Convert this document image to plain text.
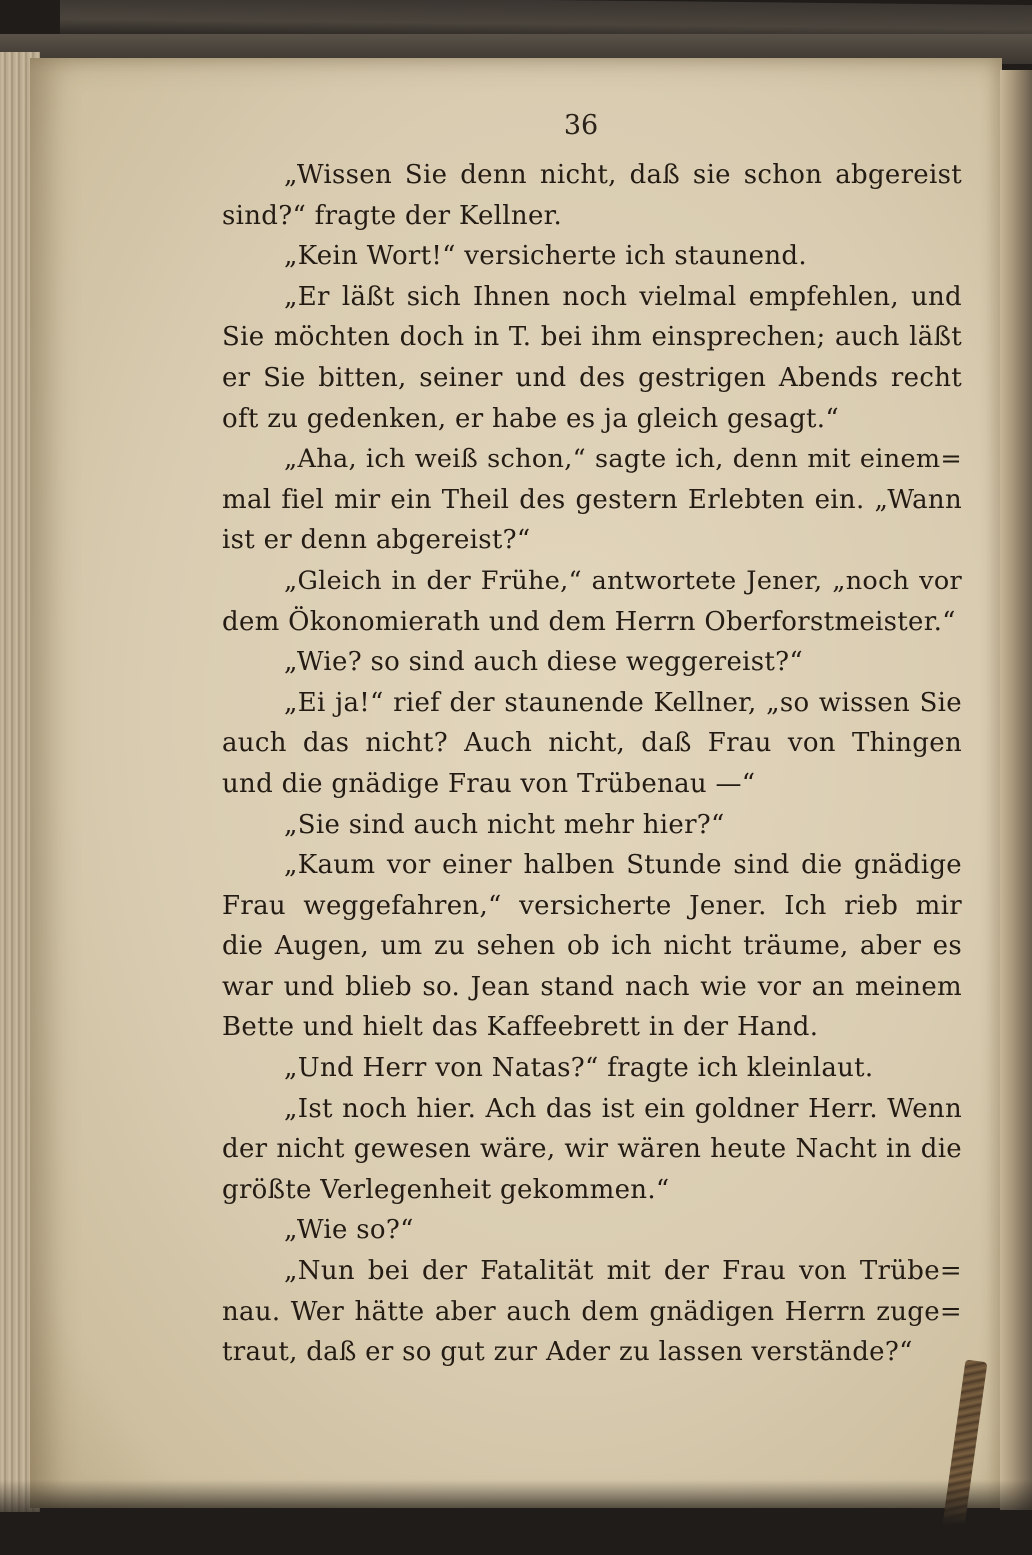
36
„Wissen Sie denn nicht, daß sie schon abgereist
sind?“ fragte der Kellner.
„Kein Wort!“ versicherte ich staunend.
„Er läßt sich Ihnen noch vielmal empfehlen, und
Sie möchten doch in T. bei ihm einsprechen; auch läßt
er Sie bitten, seiner und des gestrigen Abends recht
oft zu gedenken, er habe es ja gleich gesagt.“
„Aha, ich weiß schon,“ sagte ich, denn mit einem=
mal fiel mir ein Theil des gestern Erlebten ein. „Wann
ist er denn abgereist?“
„Gleich in der Frühe,“ antwortete Jener, „noch vor
dem Ökonomierath und dem Herrn Oberforstmeister.“
„Wie? so sind auch diese weggereist?“
„Ei ja!“ rief der staunende Kellner, „so wissen Sie
auch das nicht? Auch nicht, daß Frau von Thingen
und die gnädige Frau von Trübenau —“
„Sie sind auch nicht mehr hier?“
„Kaum vor einer halben Stunde sind die gnädige
Frau weggefahren,“ versicherte Jener. Ich rieb mir
die Augen, um zu sehen ob ich nicht träume, aber es
war und blieb so. Jean stand nach wie vor an meinem
Bette und hielt das Kaffeebrett in der Hand.
„Und Herr von Natas?“ fragte ich kleinlaut.
„Ist noch hier. Ach das ist ein goldner Herr. Wenn
der nicht gewesen wäre, wir wären heute Nacht in die
größte Verlegenheit gekommen.“
„Wie so?“
„Nun bei der Fatalität mit der Frau von Trübe=
nau. Wer hätte aber auch dem gnädigen Herrn zuge=
traut, daß er so gut zur Ader zu lassen verstände?“
